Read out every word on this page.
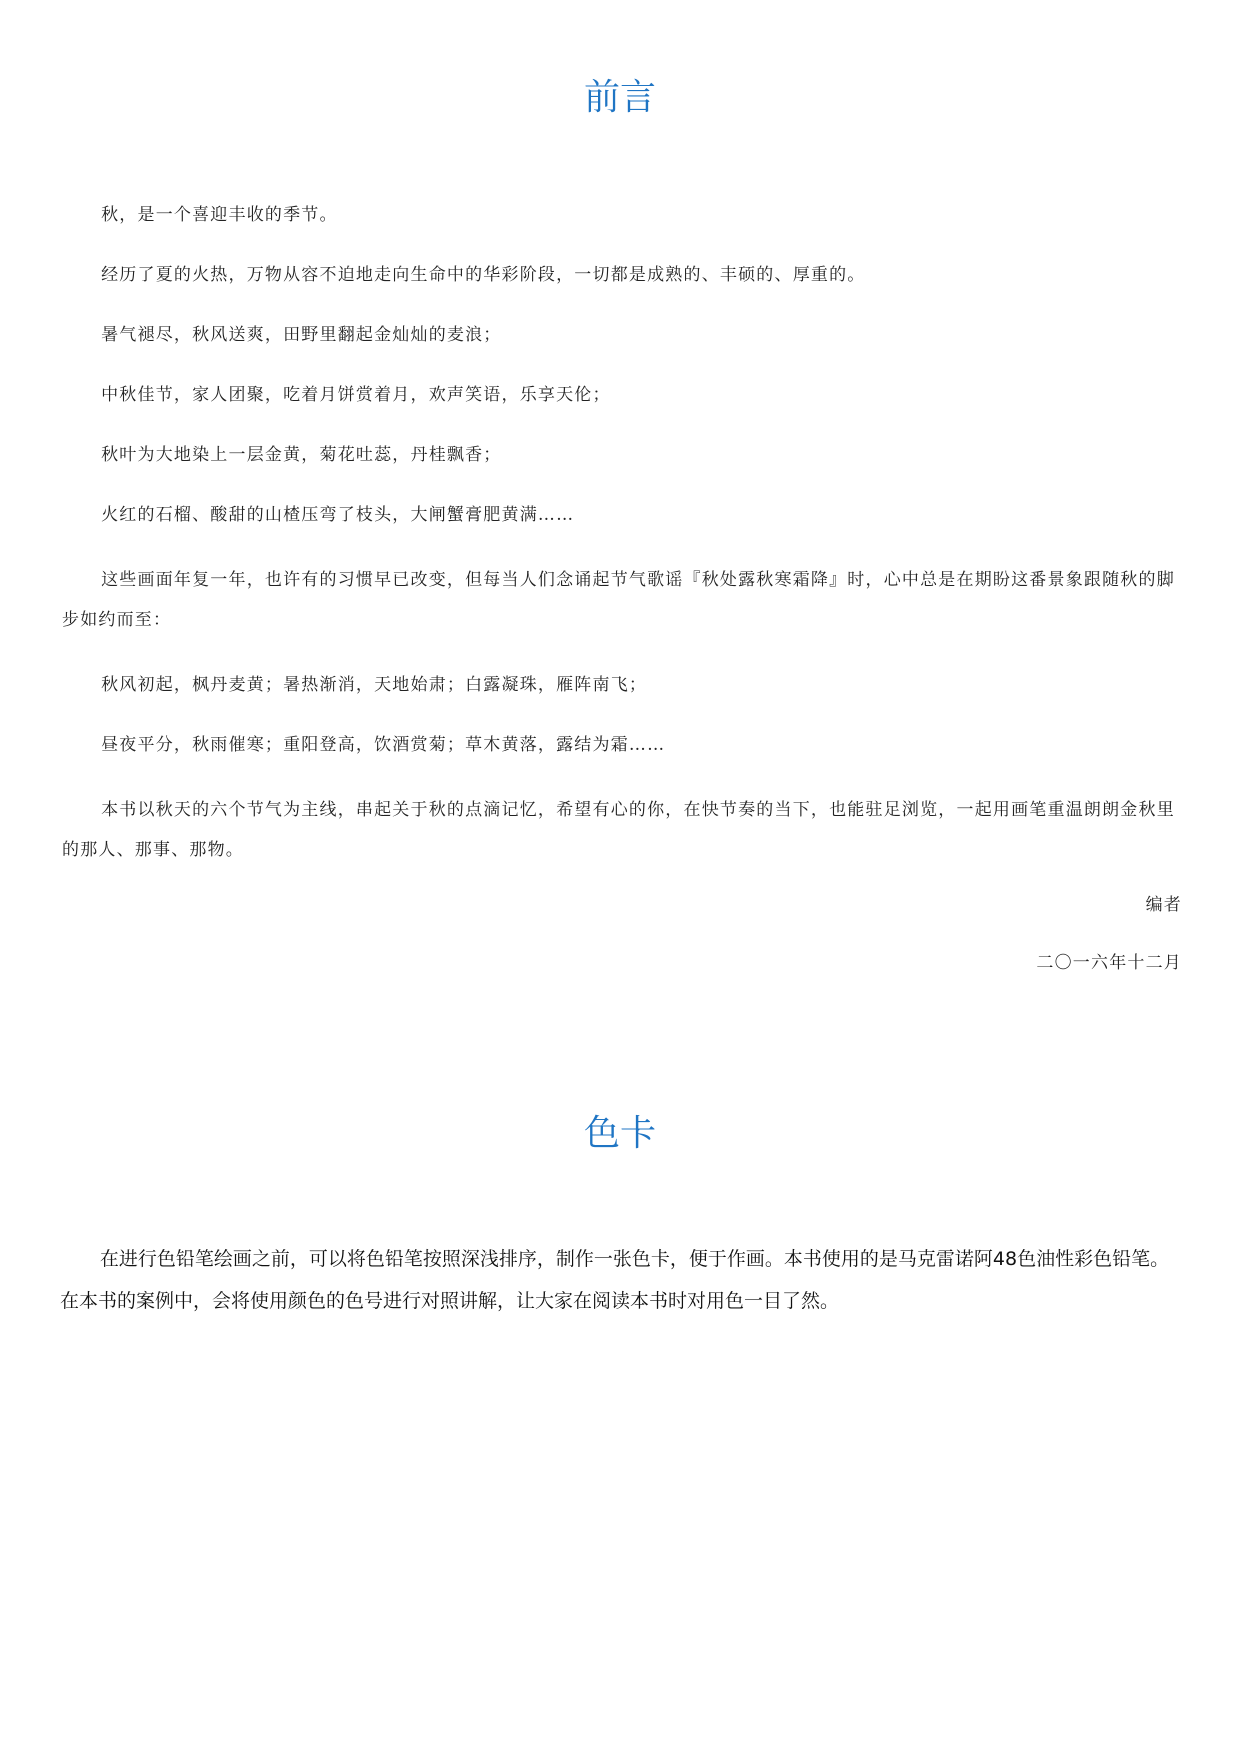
前言

秋，是一个喜迎丰收的季节。

经历了夏的火热，万物从容不迫地走向生命中的华彩阶段，一切都是成熟的、丰硕的、厚重的。

暑气褪尽，秋风送爽，田野里翻起金灿灿的麦浪；

中秋佳节，家人团聚，吃着月饼赏着月，欢声笑语，乐享天伦；

秋叶为大地染上一层金黄，菊花吐蕊，丹桂飘香；

火红的石榴、酸甜的山楂压弯了枝头，大闸蟹膏肥黄满……

这些画面年复一年，也许有的习惯早已改变，但每当人们念诵起节气歌谣『秋处露秋寒霜降』时，心中总是在期盼这番景象跟随秋的脚步如约而至：

秋风初起，枫丹麦黄；暑热渐消，天地始肃；白露凝珠，雁阵南飞；

昼夜平分，秋雨催寒；重阳登高，饮酒赏菊；草木黄落，露结为霜……

本书以秋天的六个节气为主线，串起关于秋的点滴记忆，希望有心的你，在快节奏的当下，也能驻足浏览，一起用画笔重温朗朗金秋里的那人、那事、那物。

编者

二〇一六年十二月

色卡

在进行色铅笔绘画之前，可以将色铅笔按照深浅排序，制作一张色卡，便于作画。本书使用的是马克雷诺阿48色油性彩色铅笔。在本书的案例中，会将使用颜色的色号进行对照讲解，让大家在阅读本书时对用色一目了然。
